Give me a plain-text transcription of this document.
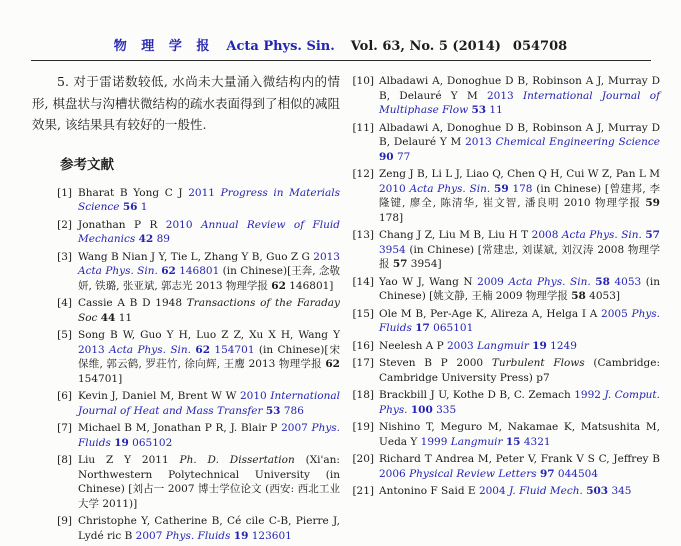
物 理 学 报 Acta Phys. Sin. Vol. 63, No. 5 (2014) 054708

5. 对于雷诺数较低, 水尚未大量涌入微结构内的情形, 棋盘状与沟槽状微结构的疏水表面得到了相似的减阻效果, 该结果具有较好的一般性.

参考文献
[1] Bharat B Yong C J 2011 Progress in Materials Science 56 1
[2] Jonathan P R 2010 Annual Review of Fluid Mechanics 42 89
[3] Wang B Nian J Y, Tie L, Zhang Y B, Guo Z G 2013 Acta Phys. Sin. 62 146801 (in Chinese)[王奔, 念敬妍, 铁璐, 张亚斌, 郭志光 2013 物理学报 62 146801]
[4] Cassie A B D 1948 Transactions of the Faraday Soc 44 11
[5] Song B W, Guo Y H, Luo Z Z, Xu X H, Wang Y 2013 Acta Phys. Sin. 62 154701 (in Chinese)[宋保维, 郭云鹤, 罗荘竹, 徐向辉, 王鹰 2013 物理学报 62 154701]
[6] Kevin J, Daniel M, Brent W W 2010 International Journal of Heat and Mass Transfer 53 786
[7] Michael B M, Jonathan P R, J. Blair P 2007 Phys. Fluids 19 065102
[8] Liu Z Y 2011 Ph. D. Dissertation (Xi'an: Northwestern Polytechnical University (in Chinese) [刘占一 2007 博士学位论文 (西安: 西北工业大学 2011)]
[9] Christophe Y, Catherine B, Cé cile C-B, Pierre J, Lydé ric B 2007 Phys. Fluids 19 123601
[10] Albadawi A, Donoghue D B, Robinson A J, Murray D B, Delauré Y M 2013 International Journal of Multiphase Flow 53 11
[11] Albadawi A, Donoghue D B, Robinson A J, Murray D B, Delauré Y M 2013 Chemical Engineering Science 90 77
[12] Zeng J B, Li L J, Liao Q, Chen Q H, Cui W Z, Pan L M 2010 Acta Phys. Sin. 59 178 (in Chinese) [曾建邦, 李隆键, 廖全, 陈清华, 崔文智, 潘良明 2010 物理学报 59 178]
[13] Chang J Z, Liu M B, Liu H T 2008 Acta Phys. Sin. 57 3954 (in Chinese) [常建忠, 刘谋斌, 刘汉涛 2008 物理学报 57 3954]
[14] Yao W J, Wang N 2009 Acta Phys. Sin. 58 4053 (in Chinese) [姚文静, 王楠 2009 物理学报 58 4053]
[15] Ole M B, Per-Age K, Alireza A, Helga I A 2005 Phys. Fluids 17 065101
[16] Neelesh A P 2003 Langmuir 19 1249
[17] Steven B P 2000 Turbulent Flows (Cambridge: Cambridge University Press) p7
[18] Brackbill J U, Kothe D B, C. Zemach 1992 J. Comput. Phys. 100 335
[19] Nishino T, Meguro M, Nakamae K, Matsushita M, Ueda Y 1999 Langmuir 15 4321
[20] Richard T Andrea M, Peter V, Frank V S C, Jeffrey B 2006 Physical Review Letters 97 044504
[21] Antonino F Said E 2004 J. Fluid Mech. 503 345
